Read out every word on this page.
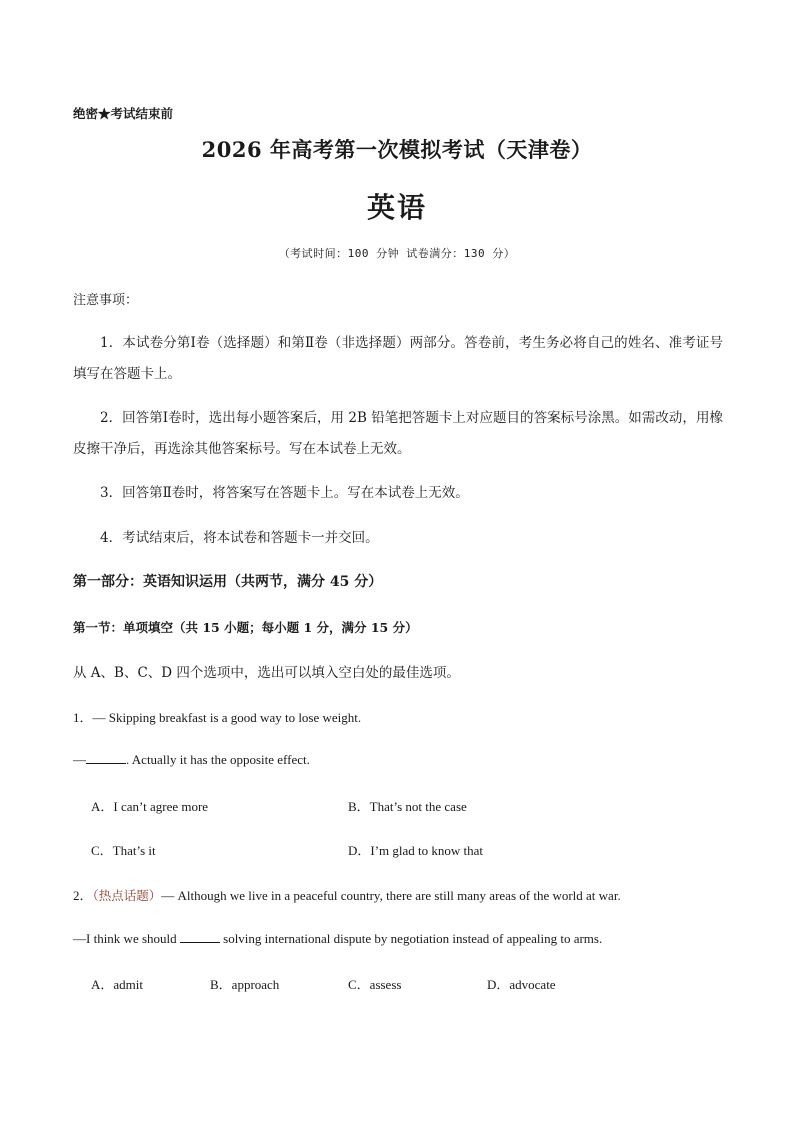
绝密★考试结束前
2026 年高考第一次模拟考试（天津卷）
英语
（考试时间：100 分钟 试卷满分：130 分）
注意事项：
1．本试卷分第Ⅰ卷（选择题）和第Ⅱ卷（非选择题）两部分。答卷前，考生务必将自己的姓名、准考证号填写在答题卡上。
2．回答第Ⅰ卷时，选出每小题答案后，用 2B 铅笔把答题卡上对应题目的答案标号涂黑。如需改动，用橡皮擦干净后，再选涂其他答案标号。写在本试卷上无效。
3．回答第Ⅱ卷时，将答案写在答题卡上。写在本试卷上无效。
4．考试结束后，将本试卷和答题卡一并交回。
第一部分：英语知识运用（共两节，满分 45 分）
第一节：单项填空（共 15 小题；每小题 1 分，满分 15 分）
从 A、B、C、D 四个选项中，选出可以填入空白处的最佳选项。
1．— Skipping breakfast is a good way to lose weight.
—	. Actually it has the opposite effect.
A．I can’t agree more	B．That’s not the case
C．That’s it	D．I’m glad to know that
2．（热点话题）— Although we live in a peaceful country, there are still many areas of the world at war.
—I think we should	solving international dispute by negotiation instead of appealing to arms.
A．admit	B．approach	C．assess	D．advocate
